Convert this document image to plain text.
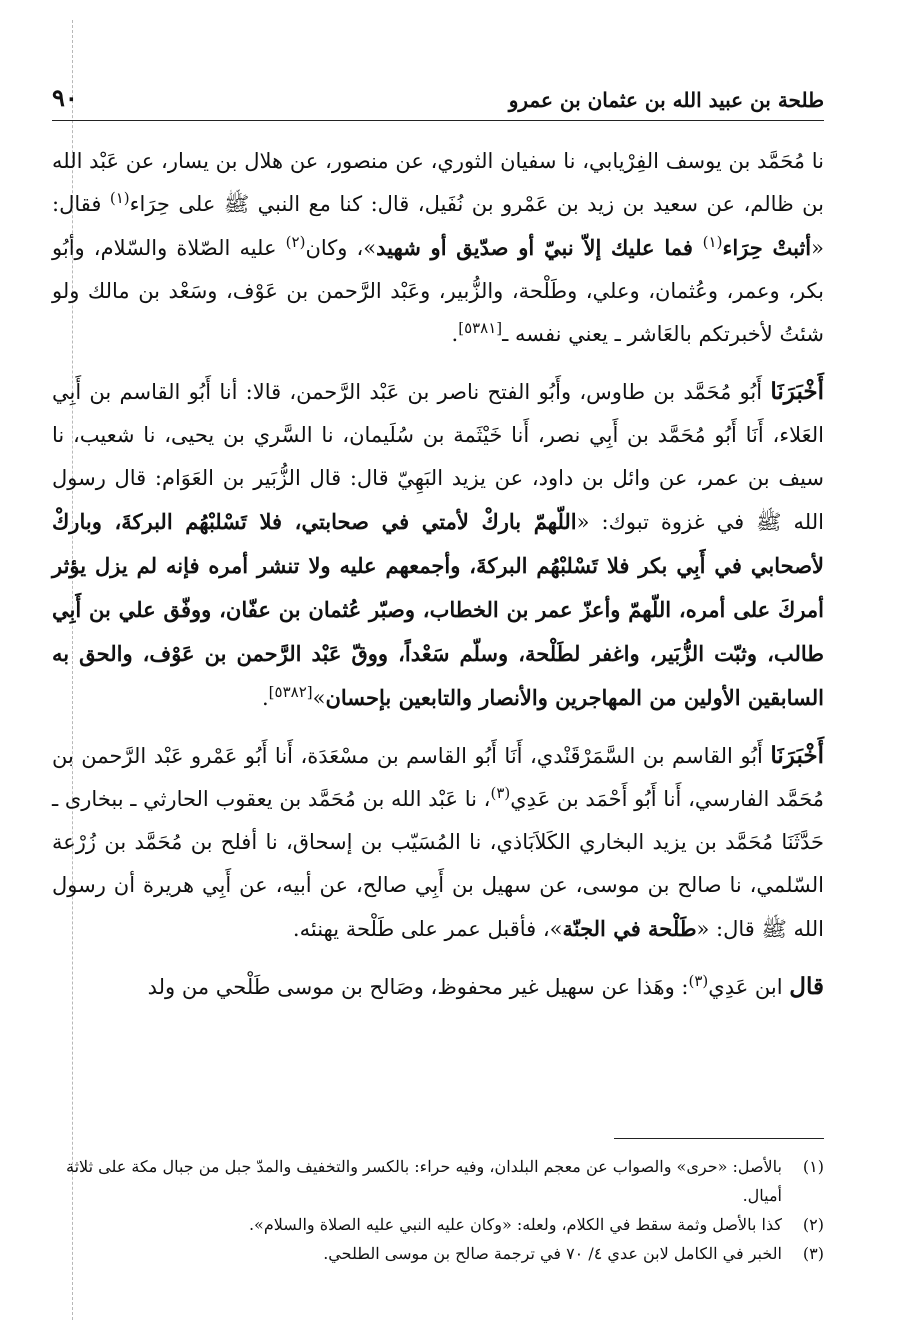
طلحة بن عبيد الله بن عثمان بن عمرو
٩٠

نا مُحَمَّد بن يوسف الفِرْيابي، نا سفيان الثوري، عن منصور، عن هلال بن يسار، عن عَبْد الله بن ظالم، عن سعيد بن زيد بن عَمْرو بن نُفَيل، قال: كنا مع النبي ﷺ على حِرَاء$^{(١)}$ فقال: «أثبتْ حِرَاء$^{(١)}$ فما عليك إلاّ نبيّ أو صدّيق أو شهيد»، وكان$^{(٢)}$ عليه الصّلاة والسّلام، وأبُو بكر، وعمر، وعُثمان، وعلي، وطَلْحة، والزُّبير، وعَبْد الرَّحمن بن عَوْف، وسَعْد بن مالك ولو شئتُ لأخبرتكم بالعَاشر ـ يعني نفسه ـ[٥٣٨١].

أَخْبَرَنَا أَبُو مُحَمَّد بن طاوس، وأَبُو الفتح ناصر بن عَبْد الرَّحمن، قالا: أنا أَبُو القاسم بن أَبِي العَلاء، أَنَا أَبُو مُحَمَّد بن أَبِي نصر، أَنا خَيْثَمة بن سُلَيمان، نا السَّري بن يحيى، نا شعيب، نا سيف بن عمر، عن وائل بن داود، عن يزيد البَهِيّ قال: قال الزُّبَير بن العَوَام: قال رسول الله ﷺ في غزوة تبوك: «اللّهمّ باركْ لأمتي في صحابتي، فلا تَسْلبْهُم البركةَ، وباركْ لأصحابي في أَبِي بكر فلا تَسْلبْهُم البركةَ، وأجمعهم عليه ولا تنشر أمره فإنه لم يزل يؤثر أمركَ على أمره، اللّهمّ وأعزّ عمر بن الخطاب، وصبّر عُثمان بن عفّان، ووفّق علي بن أَبِي طالب، وثبّت الزُّبَير، واغفر لطَلْحة، وسلّم سَعْداً، ووقّ عَبْد الرَّحمن بن عَوْف، والحق به السابقين الأولين من المهاجرين والأنصار والتابعين بإحسان»[٥٣٨٢].

أَخْبَرَنَا أَبُو القاسم بن السَّمَرْقَنْدي، أَنَا أَبُو القاسم بن مسْعَدَة، أَنا أَبُو عَمْرو عَبْد الرَّحمن بن مُحَمَّد الفارسي، أَنا أَبُو أَحْمَد بن عَدِي$^{(٣)}$، نا عَبْد الله بن مُحَمَّد بن يعقوب الحارثي ـ ببخارى ـ حَدَّثَنَا مُحَمَّد بن يزيد البخاري الكَلاَبَاذي، نا المُسَيّب بن إسحاق، نا أفلح بن مُحَمَّد بن زُرْعة السّلمي، نا صالح بن موسى، عن سهيل بن أَبِي صالح، عن أبيه، عن أَبِي هريرة أن رسول الله ﷺ قال: «طَلْحة في الجنّة»، فأقبل عمر على طَلْحة يهنئه.

قال ابن عَدِي$^{(٣)}$: وهَذا عن سهيل غير محفوظ، وصَالح بن موسى طَلْحي من ولد

(١)
بالأصل: «حرى» والصواب عن معجم البلدان، وفيه حراء: بالكسر والتخفيف والمدّ جبل من جبال مكة على ثلاثة أميال.
(٢)
كذا بالأصل وثمة سقط في الكلام، ولعله: «وكان عليه النبي عليه الصلاة والسلام».
(٣)
الخبر في الكامل لابن عدي ٤/ ٧٠ في ترجمة صالح بن موسى الطلحي.
